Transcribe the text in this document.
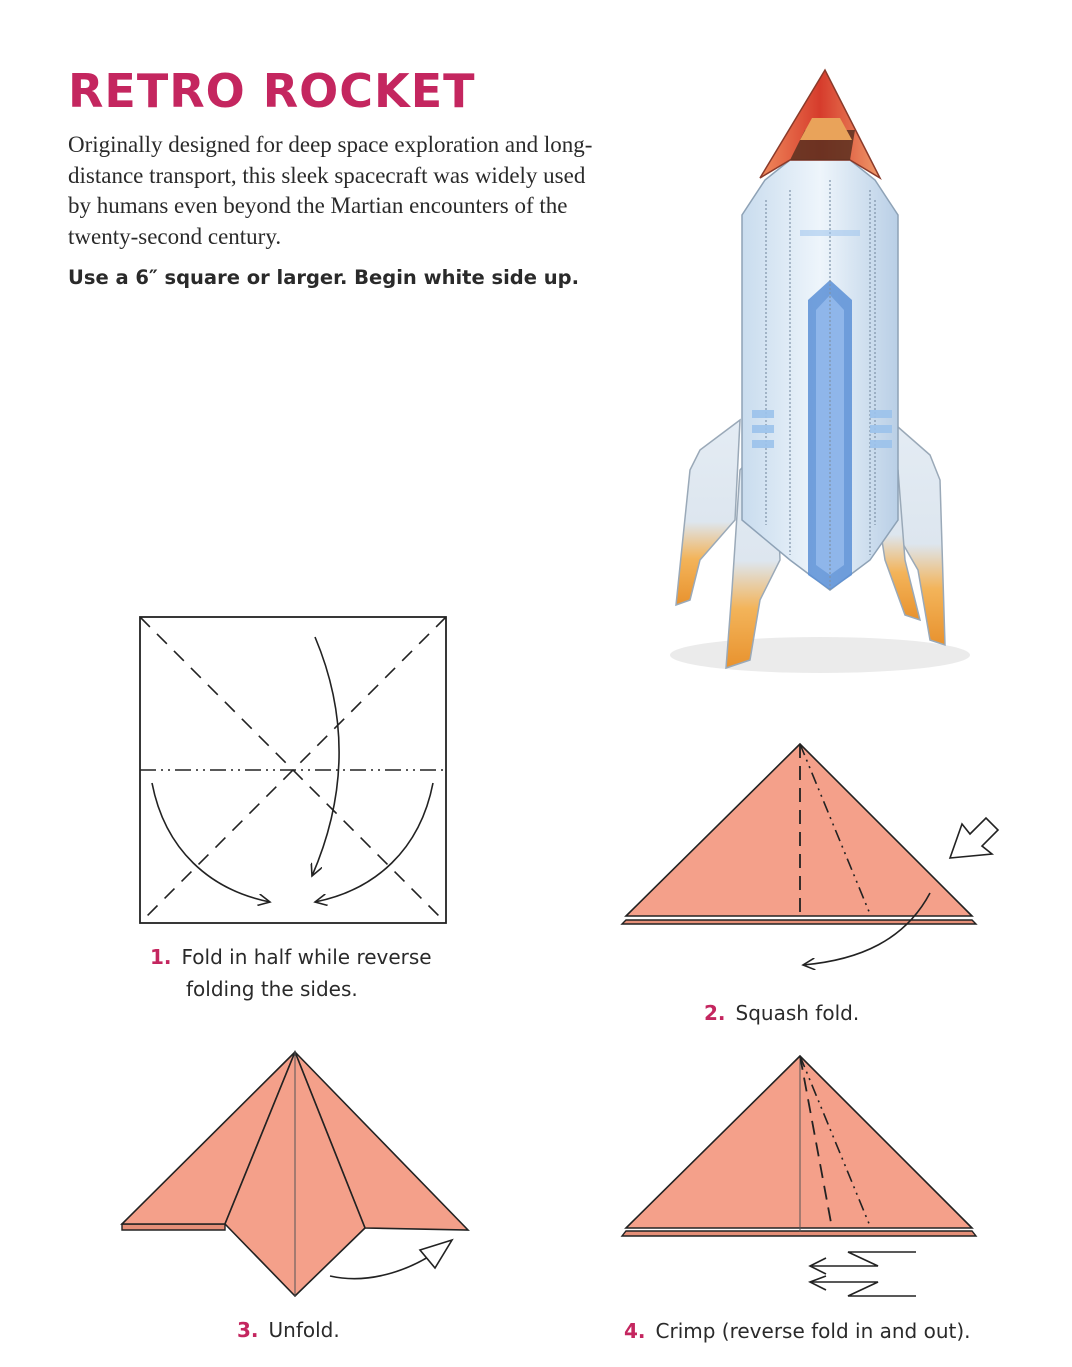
RETRO ROCKET

Originally designed for deep space exploration and long-distance transport, this sleek spacecraft was widely used by humans even beyond the Martian encounters of the twenty-second century.

Use a 6″ square or larger. Begin white side up.

1. Fold in half while reverse
folding the sides.

2. Squash fold.

3. Unfold.	4. Crimp (reverse fold in and out).
